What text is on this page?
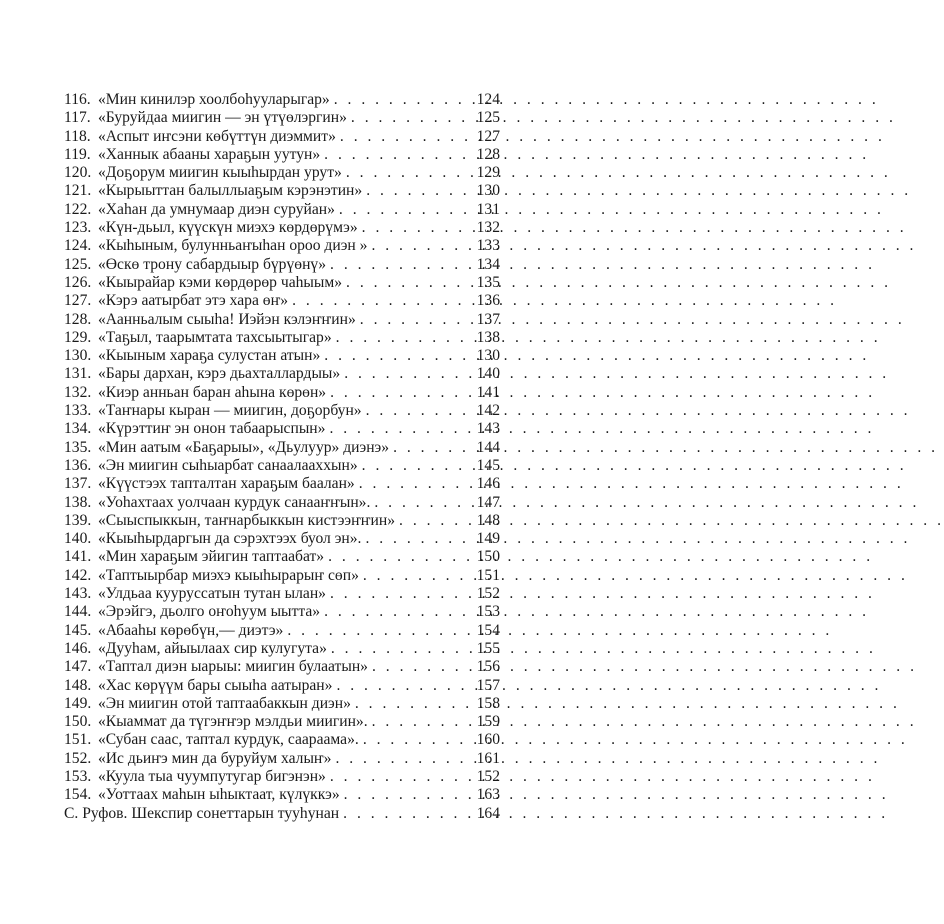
116. «Мин кинилэр хоолбоһууларыгар» . . .	124
117. «Буруйдаа миигин — эн үтүөлэргин» . . .	125
118. «Аспыт иҥсэни көбүттүн диэммит» . . .	127
119. «Ханнык абааны хараҕын уутун» . . .	128
120. «Доҕорум миигин кыыһырдан урут» . . .	129
121. «Кырыыттан балыллыаҕым кэрэнэтин» . . .	130
122. «Хаһан да умнумаар диэн суруйан» . . .	131
123. «Күн-дьыл, күүскүн миэхэ көрдөрүмэ» . . .	132
124. «Кыһыным, булунньаҥыһан ороо диэн » . . .	133
125. «Өскө трону сабардыыр бүрүөнү» . . .	134
126. «Кыырайар кэми көрдөрөр чаһыым» . . .	135
127. «Кэрэ аатырбат этэ хара өҥ» . . .	136
128. «Аанньалым сыыһа! Иэйэн кэлэҥҥин» . . .	137
129. «Таҕыл, таарымтата тахсыытыгар» . . .	138
130. «Кыыным хараҕа сулустан атын» . . .	130
131. «Бары дархан, кэрэ дьахталлардыы» . . .	140
132. «Киэр анньан баран аһына көрөн» . . .	141
133. «Таҥнары кыран — миигин, доҕорбун» . . .	142
134. «Күрэттиҥ эн онон табаарыспын» . . .	143
135. «Мин аатым «Баҕарыы», «Дьулуур» диэнэ» . . .	144
136. «Эн миигин сыһыарбат санаалааххын» . . .	145
137. «Күүстээх тапталтан хараҕым баалан» . . .	146
138. «Уоһахтаах уолчаан курдук санааҥҥын». . . .	147
139. «Сыыспыккын, таҥнарбыккын кистээҥҥин» . . .	148
140. «Кыыһырдаргын да сэрэхтээх буол эн». . . .	149
141. «Мин хараҕым эйигин таптаабат» . . .	150
142. «Таптыырбар миэхэ кыыһырарыҥ сөп» . . .	151
143. «Улдьаа кууруссатын тутан ылан» . . .	152
144. «Эрэйгэ, дьолго оҥоһуум ыытта» . . .	153
145. «Абааһы көрөбүн,— диэтэ» . . .	154
146. «Дууһам, айыылаах сир кулугута» . . .	155
147. «Таптал диэн ыарыы: миигин булаатын» . . .	156
148. «Хас көрүүм бары сыыһа аатыран» . . .	157
149. «Эн миигин отой таптаабаккын диэн» . . .	158
150. «Кыаммат да түгэҥҥэр мэлдьи миигин». . . .	159
151. «Субан саас, таптал курдук, саараама». . . .	160
152. «Ис дьиҥэ мин да буруйум халыҥ» . . .	161
153. «Куула тыа чуумпутугар бигэнэн» . . .	152
154. «Уоттаах маһын ыһыктаат, күлүккэ» . . .	163
С. Руфов. Шекспир сонеттарын тууһунан . . .	164
